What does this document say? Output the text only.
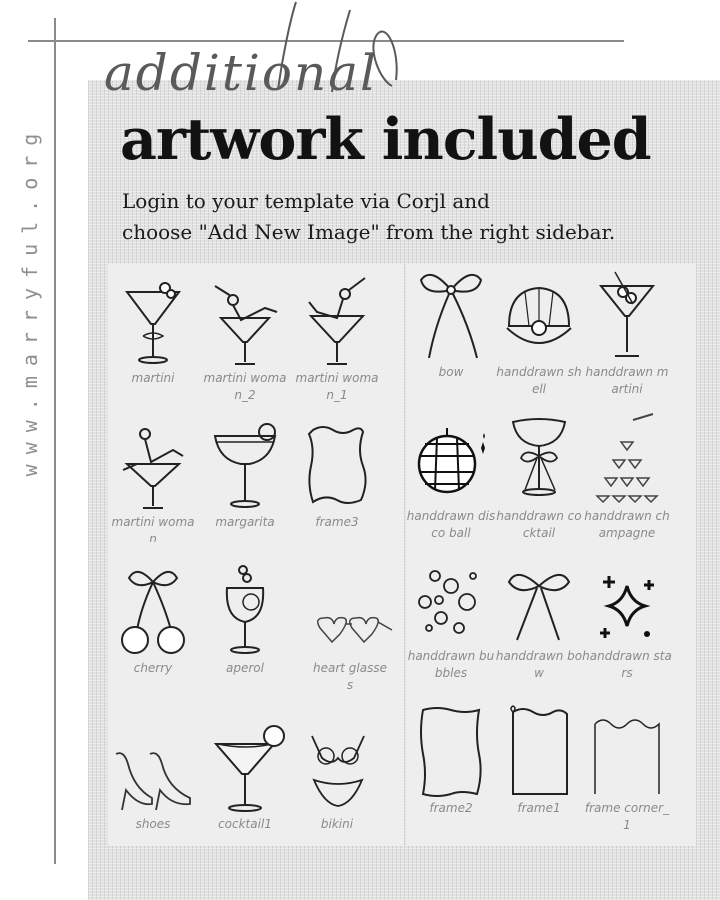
www.marryful.org
additional
artwork included
Login to your template via Corjl and
choose "Add New Image" from the right sidebar.
martini	martini woman_2
martini woman_1
martini woman
margarita	frame3
cherry	aperol	heart glasses
shoes	cocktail1	bikini
bow	handdrawn shell
handdrawn martini
handdrawn disco ball
handdrawn cocktail
handdrawn champagne
handdrawn bubbles
handdrawn bow
handdrawn stars
frame2	frame1	frame corner_1
